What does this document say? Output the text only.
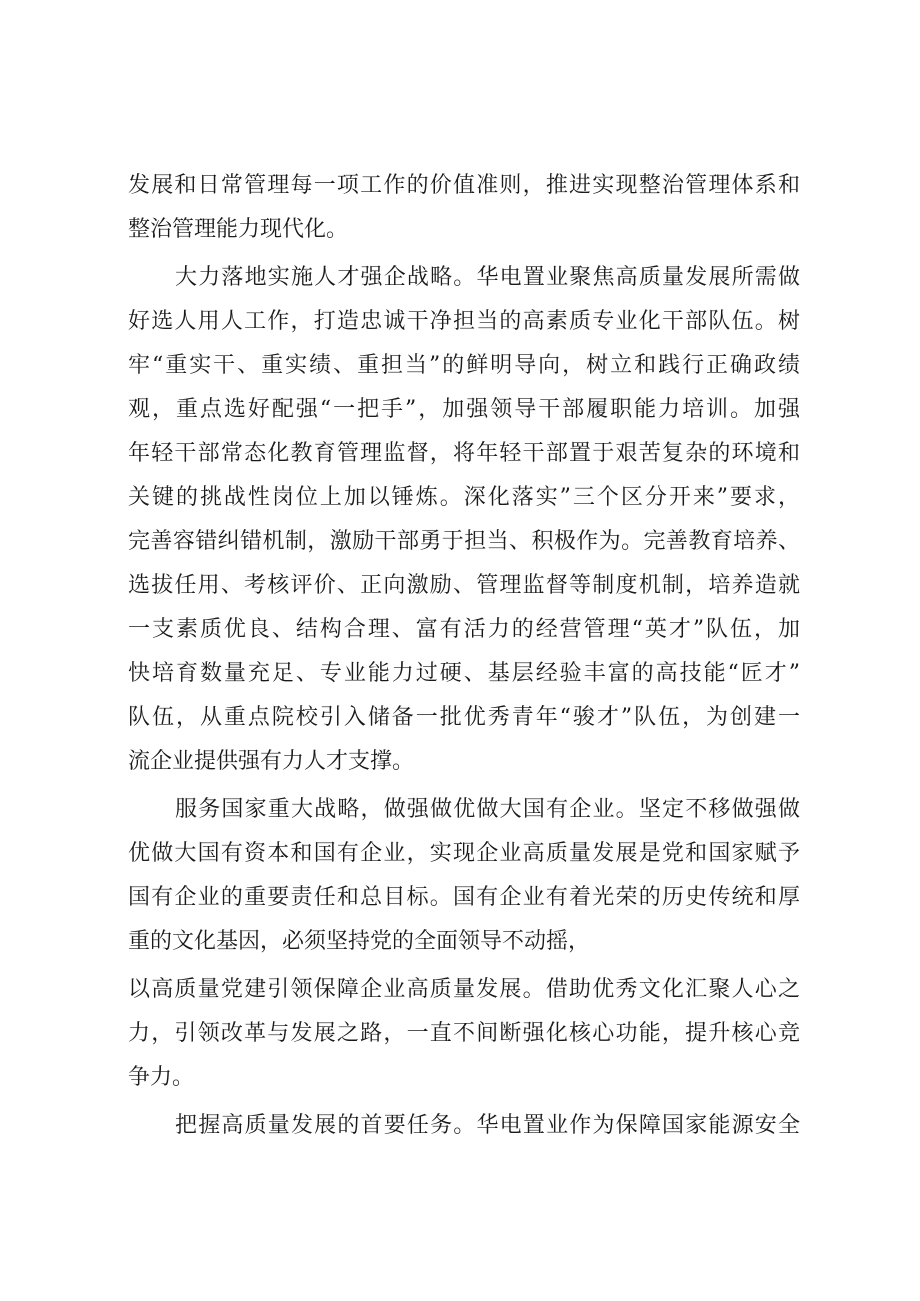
发展和日常管理每一项工作的价值准则，推进实现整治管理体系和
整治管理能力现代化。
大力落地实施人才强企战略。华电置业聚焦高质量发展所需做
好选人用人工作，打造忠诚干净担当的高素质专业化干部队伍。树
牢“重实干、重实绩、重担当”的鲜明导向，树立和践行正确政绩
观，重点选好配强“一把手”，加强领导干部履职能力培训。加强
年轻干部常态化教育管理监督，将年轻干部置于艰苦复杂的环境和
关键的挑战性岗位上加以锤炼。深化落实”三个区分开来”要求，
完善容错纠错机制，激励干部勇于担当、积极作为。完善教育培养、
选拔任用、考核评价、正向激励、管理监督等制度机制，培养造就
一支素质优良、结构合理、富有活力的经营管理“英才”队伍，加
快培育数量充足、专业能力过硬、基层经验丰富的高技能“匠才”
队伍，从重点院校引入储备一批优秀青年“骏才”队伍，为创建一
流企业提供强有力人才支撑。
服务国家重大战略，做强做优做大国有企业。坚定不移做强做
优做大国有资本和国有企业，实现企业高质量发展是党和国家赋予
国有企业的重要责任和总目标。国有企业有着光荣的历史传统和厚
重的文化基因，必须坚持党的全面领导不动摇，
以高质量党建引领保障企业高质量发展。借助优秀文化汇聚人心之
力，引领改革与发展之路，一直不间断强化核心功能，提升核心竞
争力。
把握高质量发展的首要任务。华电置业作为保障国家能源安全
